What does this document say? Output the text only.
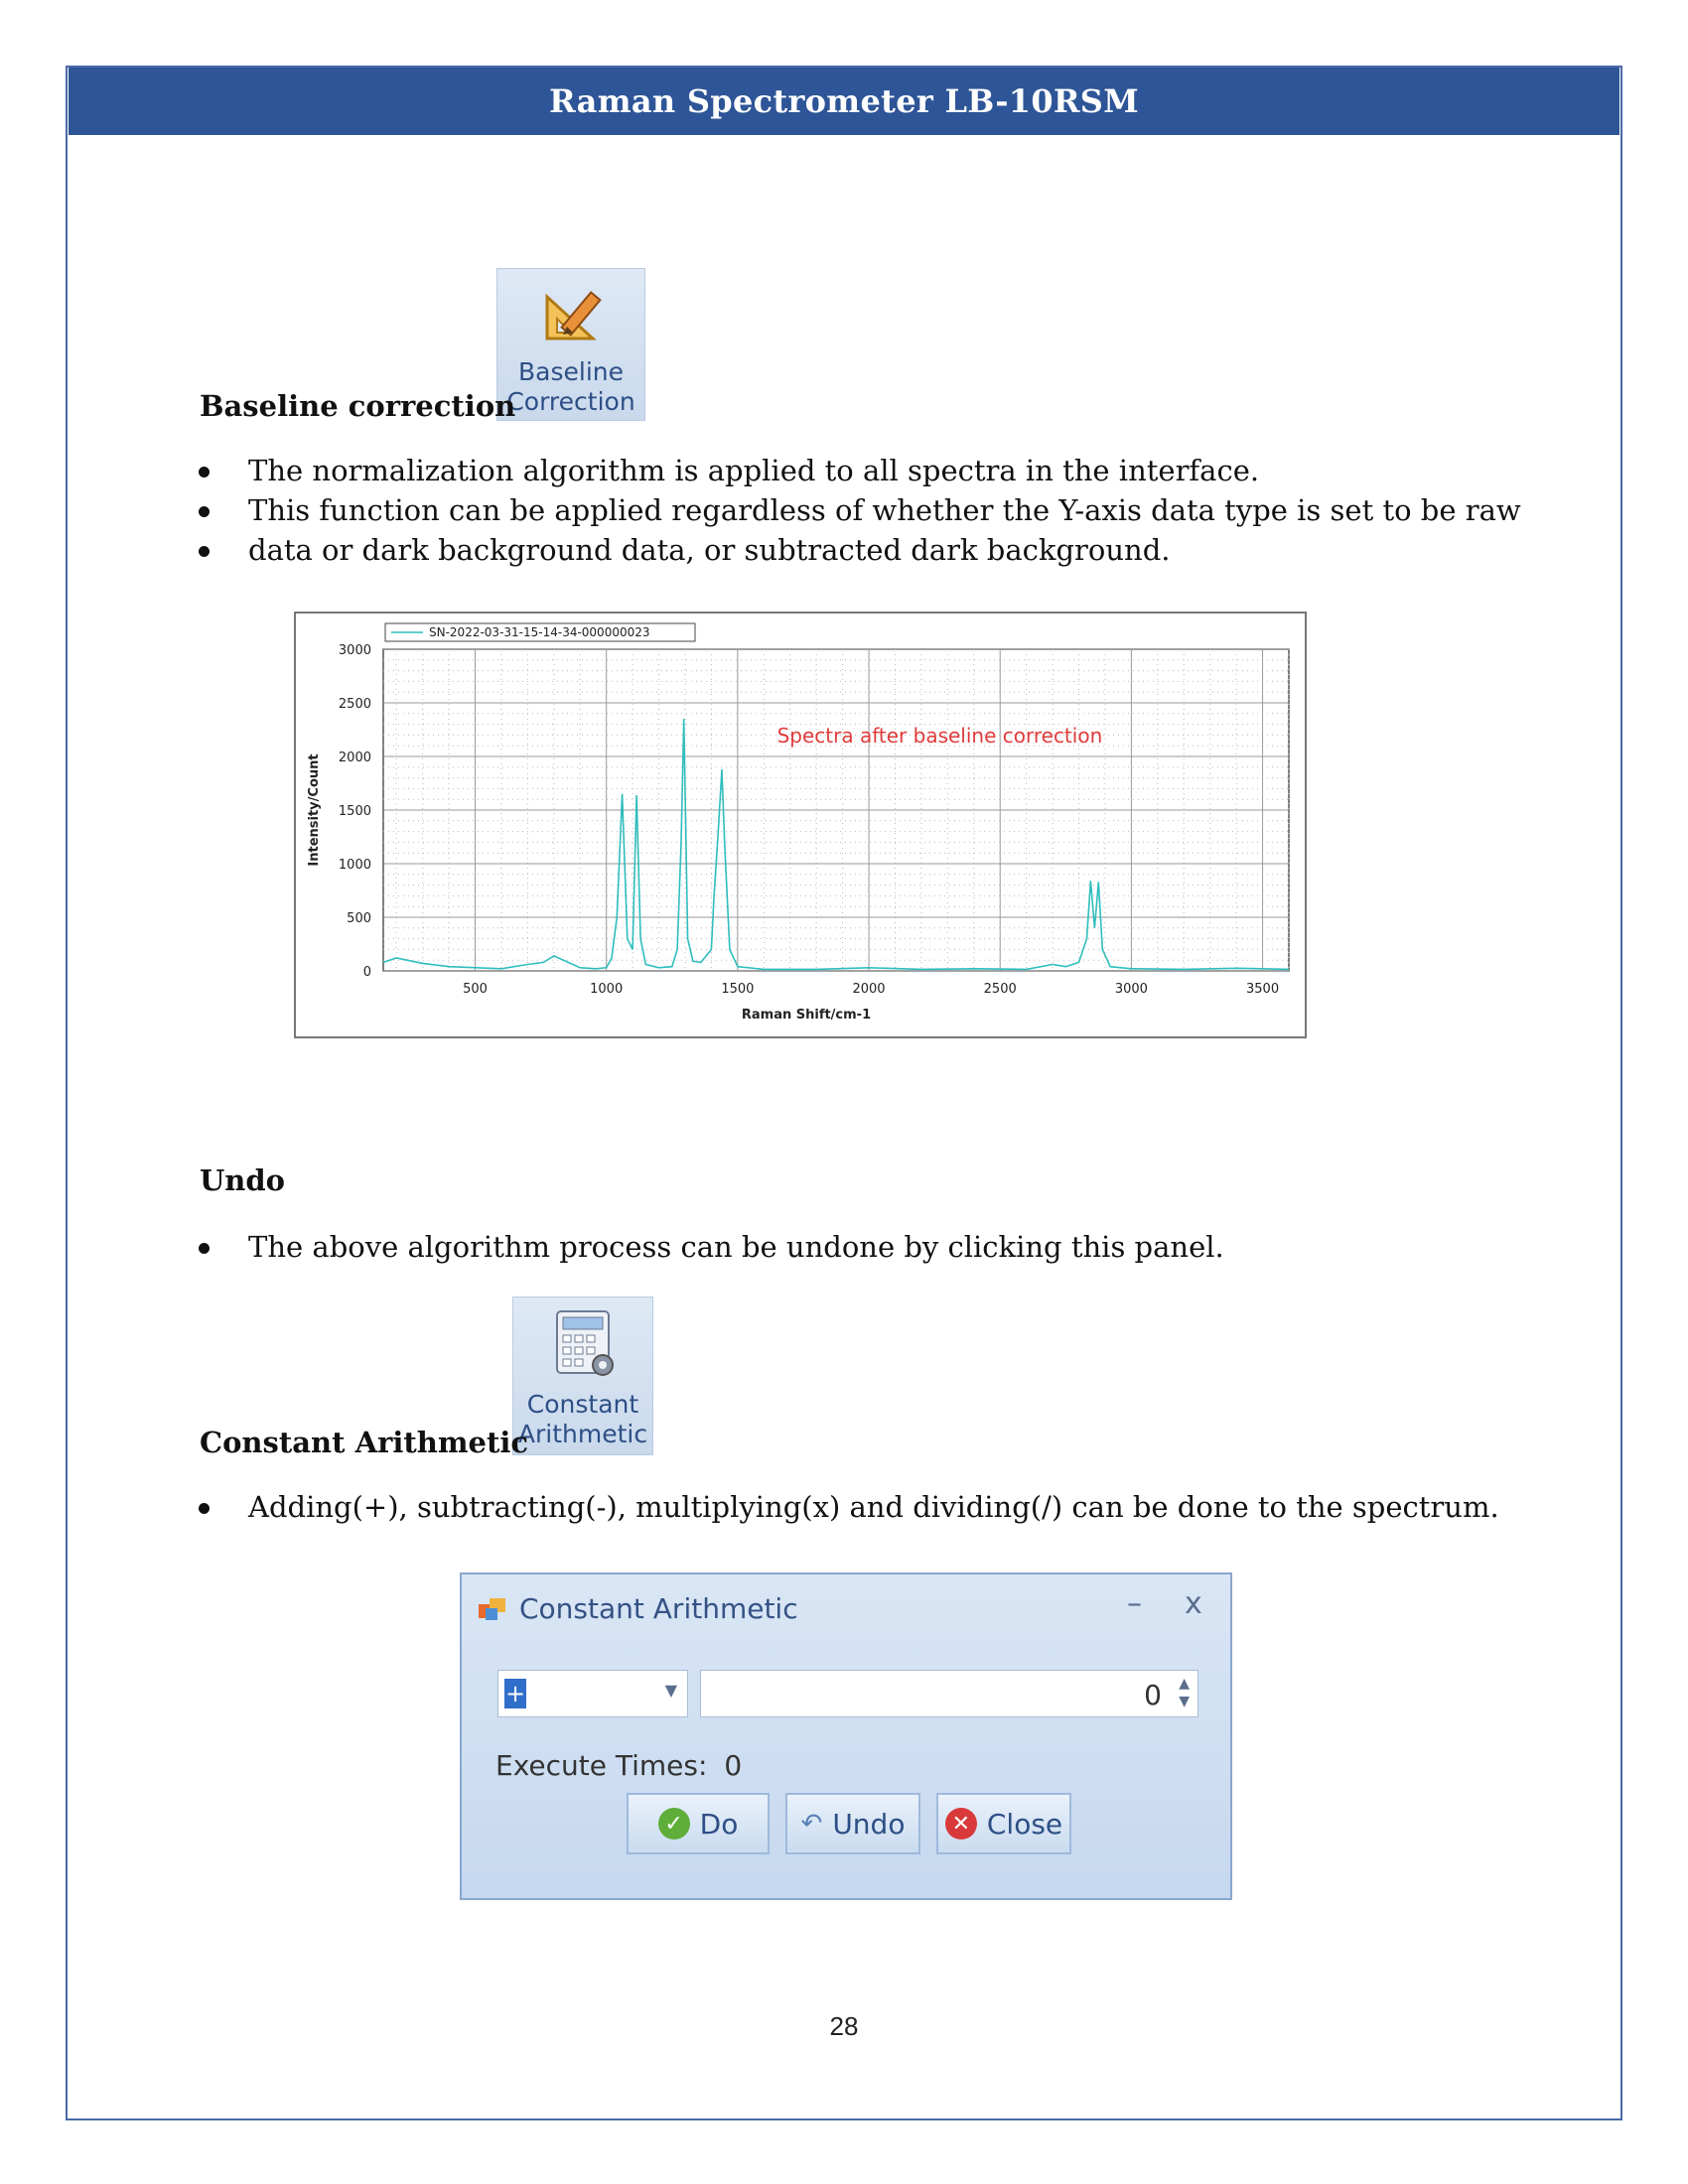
Raman Spectrometer LB-10RSM
Baseline
Correction
Baseline correction
The normalization algorithm is applied to all spectra in the interface.
This function can be applied regardless of whether the Y-axis data type is set to be raw
data or dark background data, or subtracted dark background.
500	1000	1500	2000	2500	3000	3500
0
500
1000
1500
2000
2500
3000
Raman Shift/cm-1
Intensity/Count
SN-2022-03-31-15-14-34-000000023
Spectra after baseline correction
Undo
The above algorithm process can be undone by clicking this panel.
Constant
Arithmetic
Constant Arithmetic
Adding(+), subtracting(-), multiplying(x) and dividing(/) can be done to the spectrum.
Constant Arithmetic	– x
+	▼	0 ▲
▼
Execute Times: 0
✓ Do ↶ Undo	✕ Close
28
